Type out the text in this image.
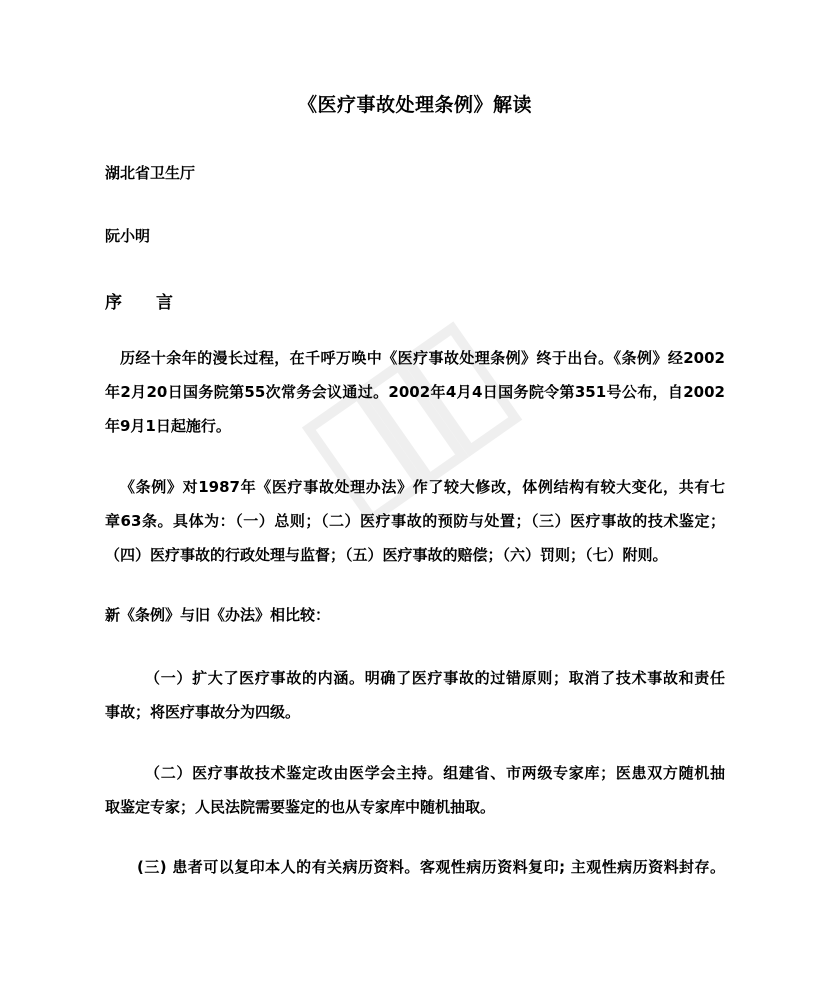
《医疗事故处理条例》解读

湖北省卫生厅

阮小明

序 言
历经十余年的漫长过程，在千呼万唤中《医疗事故处理条例》终于出台。《条例》经2002
年2月20日国务院第55次常务会议通过。2002年4月4日国务院令第351号公布，自2002
年9月1日起施行。
《条例》对1987年《医疗事故处理办法》作了较大修改，体例结构有较大变化，共有七
章63条。具体为：（一）总则；（二）医疗事故的预防与处置；（三）医疗事故的技术鉴定；
（四）医疗事故的行政处理与监督；（五）医疗事故的赔偿；（六）罚则；（七）附则。
新《条例》与旧《办法》相比较：
（一）扩大了医疗事故的内涵。明确了医疗事故的过错原则；取消了技术事故和责任
事故；将医疗事故分为四级。
（二）医疗事故技术鉴定改由医学会主持。组建省、市两级专家库；医患双方随机抽
取鉴定专家；人民法院需要鉴定的也从专家库中随机抽取。
(三) 患者可以复印本人的有关病历资料。客观性病历资料复印; 主观性病历资料封存。
